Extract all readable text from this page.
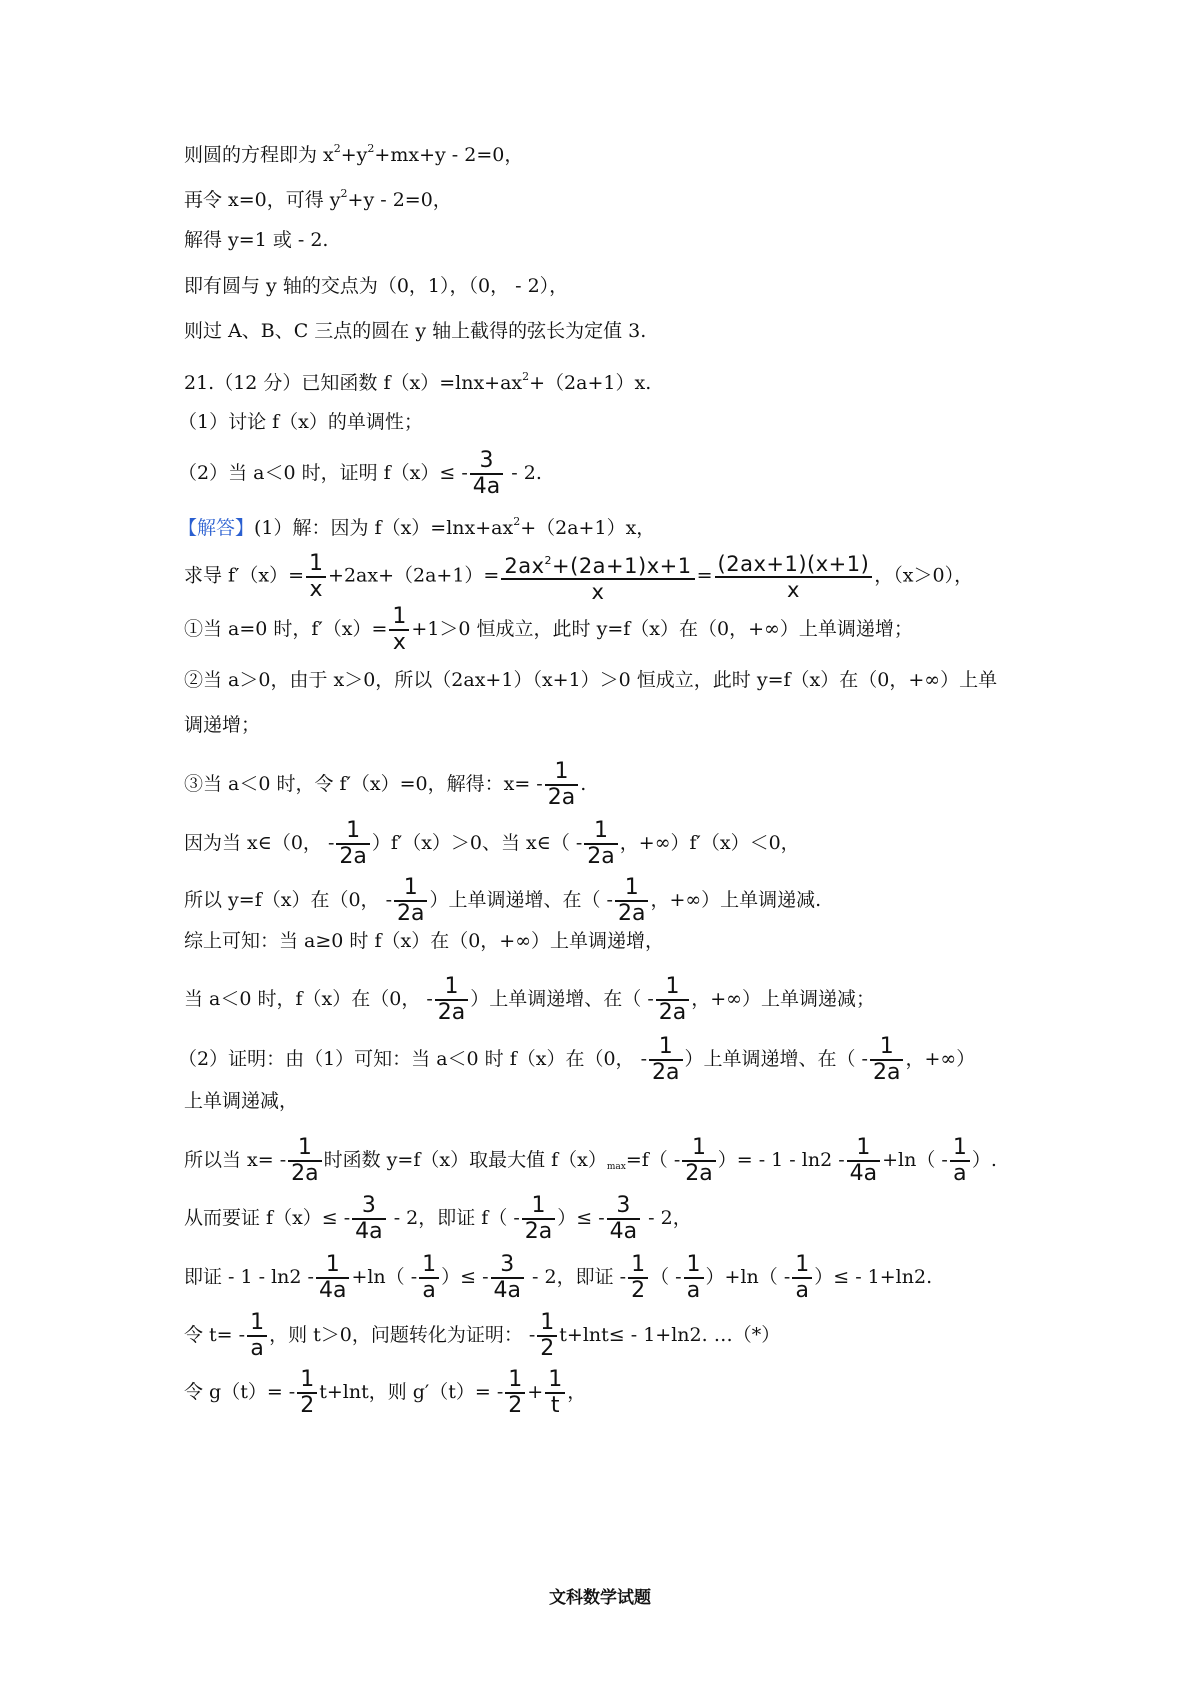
则圆的方程即为 $x^2+y^2+mx+y - 2=0$，
再令 x=0，可得 $y^2+y - 2=0$，
解得 y=1 或 - 2.
即有圆与 y 轴的交点为（0，1），（0， - 2），
则过 A、B、C 三点的圆在 y 轴上截得的弦长为定值 3.
21.（12 分）已知函数 $f(x)=\ln x+ax^2+(2a+1)x$.
（1）讨论 f（x）的单调性；
（2）当 a＜0 时，证明 $f(x)\le - \frac{3}{4a} - 2$.
【解答】(1）解：因为 $f(x)=\ln x+ax^2+(2a+1)x$，
求导 $f'(x)= \frac{1}{x} +2ax+(2a+1)= \frac{2ax^2+(2a+1)x+1}{x} = \frac{(2ax+1)(x+1)}{x}$ ，（x＞0），
①当 a=0 时，$f'(x)= \frac{1}{x} +1>0$ 恒成立，此时 y=f（x）在（0，+∞）上单调递增；
②当 a＞0，由于 x＞0，所以（2ax+1）（x+1）＞0 恒成立，此时 y=f（x）在（0，+∞）上单
调递增；
③当 a＜0 时，令 f′（x）=0，解得：$x= - \frac{1}{2a}$ .
因为当 x∈（0， - $\frac{1}{2a} )f'(x)>0$、当 x∈（ - $\frac{1}{2a}$ ，+∞）f′（x）＜0，
所以 y=f（x）在（0， - $\frac{1}{2a}$ ）上单调递增、在（ - $\frac{1}{2a}$ ，+∞）上单调递减.
综上可知：当 a≥0 时 f（x）在（0，+∞）上单调递增，
当 a＜0 时，f（x）在（0， - $\frac{1}{2a}$ ）上单调递增、在（ - $\frac{1}{2a}$ ，+∞）上单调递减；
（2）证明：由（1）可知：当 a＜0 时 f（x）在（0， - $\frac{1}{2a}$ ）上单调递增、在（ - $\frac{1}{2a}$ ，+∞）
上单调递减，
所以当 $x= - \frac{1}{2a}$ 时函数 y=f（x）取最大值 $f(x)_{max}=f( - \frac{1}{2a}$ ）= - $1 - \ln 2 - \frac{1}{4a} +\ln( - \frac{1}{a}$ ）.
从而要证 $f(x)\le - \frac{3}{4a} - 2$，即证 $f( - \frac{1}{2a}$ ）≤ - $\frac{3}{4a} - 2$，
即证 - $1 - \ln 2 - \frac{1}{4a} +\ln( - \frac{1}{a}$ ）≤ - $\frac{3}{4a} - 2$，即证 - $\frac{1}{2}$ （ - $\frac{1}{a} )+\ln( - \frac{1}{a}$ ）≤ - 1+ln2.
令 $t= - \frac{1}{a}$ ，则 t＞0，问题转化为证明： - $\frac{1}{2} t+\ln t\le - 1+\ln 2$. …（*）
令 $g(t)= - \frac{1}{2} t+\ln t$，则 $g'(t)= - \frac{1}{2} + \frac{1}{t}$ ，
文科数学试题
